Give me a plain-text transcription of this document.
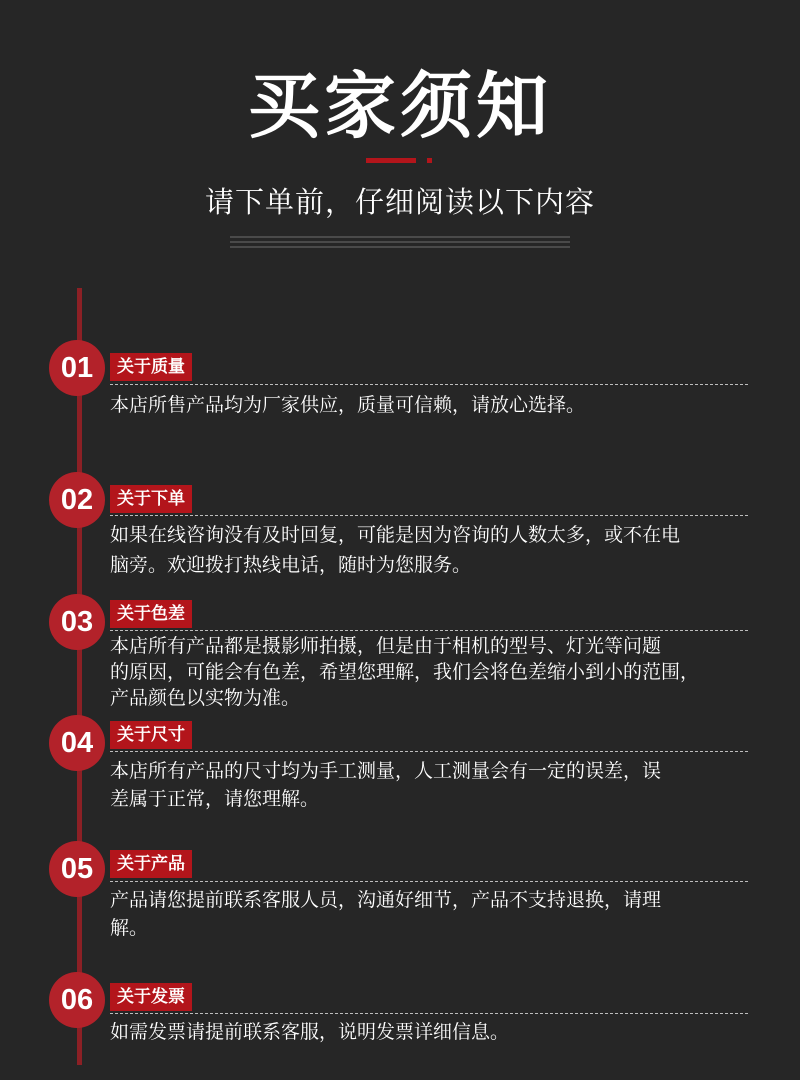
买家须知
请下单前，仔细阅读以下内容
01	关于质量
本店所售产品均为厂家供应，质量可信赖，请放心选择。
02	关于下单
如果在线咨询没有及时回复，可能是因为咨询的人数太多，或不在电
脑旁。欢迎拨打热线电话，随时为您服务。
03	关于色差
本店所有产品都是摄影师拍摄，但是由于相机的型号、灯光等问题
的原因，可能会有色差，希望您理解，我们会将色差缩小到小的范围，
产品颜色以实物为准。
04	关于尺寸
本店所有产品的尺寸均为手工测量，人工测量会有一定的误差，误
差属于正常，请您理解。
05	关于产品
产品请您提前联系客服人员，沟通好细节，产品不支持退换，请理
解。
06	关于发票
如需发票请提前联系客服，说明发票详细信息。
